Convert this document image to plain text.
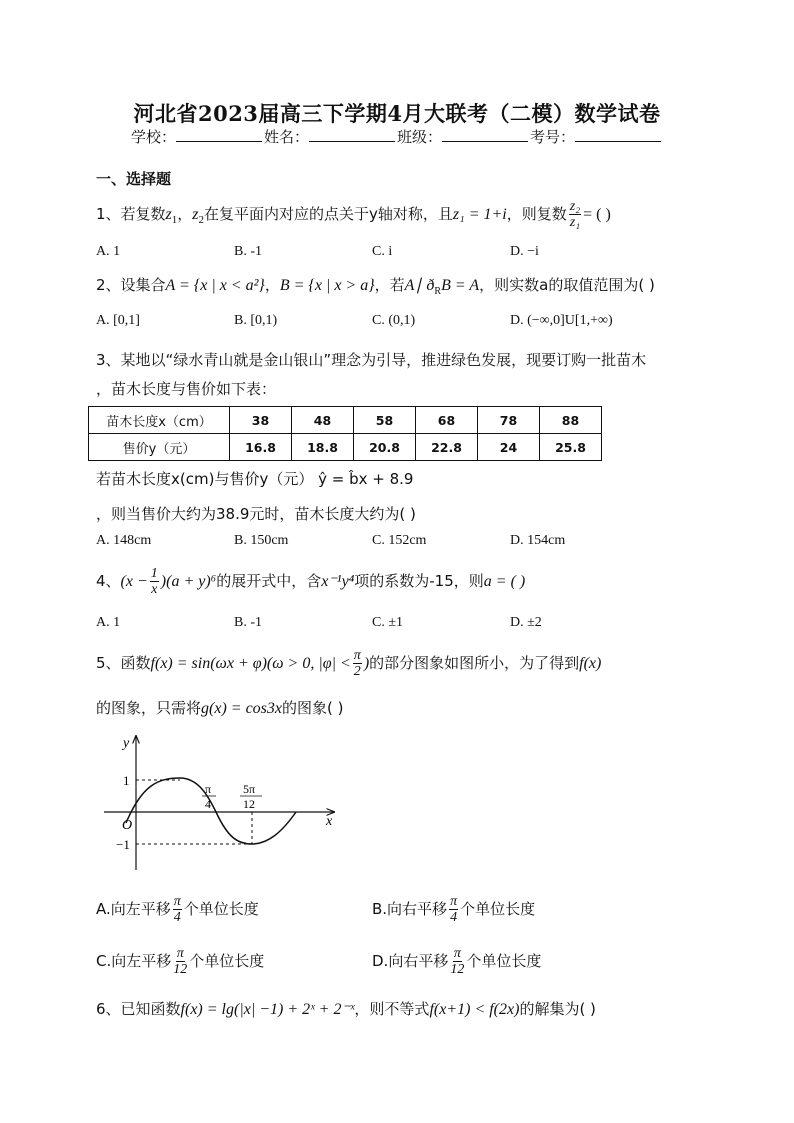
河北省2023届高三下学期4月大联考（二模）数学试卷
学校：	姓名：	班级：	考号：
一、选择题
1、若复数$z_1$，$z_2$在复平面内对应的点关于y轴对称，且z₁ = 1+i，则复数 $\frac{\text{z₂}}{\text{z₁}}$ = ( )
A. 1	B. -1	C. i	D. −i
2、设集合A = {x | x < a²}，B = {x | x > a}，若A∣ $ð_RB = A$，则实数a的取值范围为( )
A. [0,1]	B. [0,1)	C. (0,1)	D. (−∞,0]U[1,+∞)
3、某地以“绿水青山就是金山银山”理念为引导，推进绿色发展，现要订购一批苗木
，苗木长度与售价如下表：
苗木长度x（cm）	38	48	58	68	78	88
售价y（元）	16.8	18.8	20.8	22.8	24	25.8
若苗木长度x(cm)与售价y（元） ŷ = b̂x + 8.9
，则当售价大约为38.9元时，苗木长度大约为( )
A. 148cm	B. 150cm	C. 152cm	D. 154cm
4、$(x - \frac{1}{x} )(a + y)^6$的展开式中，含x⁻¹y⁴项的系数为-15，则a = ( )
A. 1	B. -1	C. ±1	D. ±2
5、函数f(x) = sin(ωx + φ)(ω > 0, $|\varphi| < \frac{\pi}{2}$ )的部分图象如图所小，为了得到f(x)
的图象，只需将g(x) = cos3x的图象( )
y
x
O
1
−1
π
4
5π
12
A.向左平移 $\frac{\pi}{4}$ 个单位长度	B.向右平移 $\frac{\pi}{4}$ 个单位长度
C.向左平移 $\frac{\pi}{12}$ 个单位长度	D.向右平移 $\frac{\pi}{12}$ 个单位长度
6、已知函数f(x) = lg(|x| −1) + 2ˣ + 2⁻ˣ，则不等式f(x+1) < f(2x)的解集为( )
